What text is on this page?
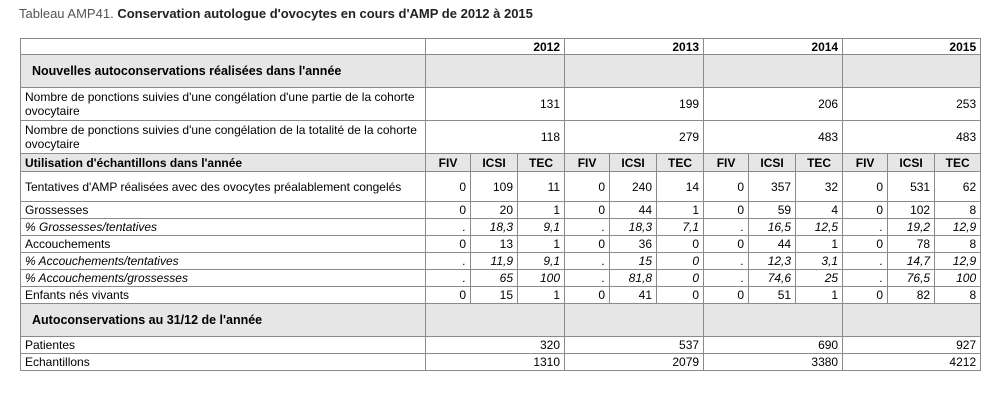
Tableau AMP41. Conservation autologue d'ovocytes en cours d'AMP de 2012 à 2015
	2012			2013			2014			2015		
Nouvelles autoconservations réalisées dans l'année												
Nombre de ponctions suivies d'une congélation d'une partie de la cohorte ovocytaire	131			199			206			253		
Nombre de ponctions suivies d'une congélation de la totalité de la cohorte ovocytaire	118			279			483			483		
Utilisation d'échantillons dans l'année	FIV	ICSI	TEC	FIV	ICSI	TEC	FIV	ICSI	TEC	FIV	ICSI	TEC
Tentatives d'AMP réalisées avec des ovocytes préalablement congelés	0	109	11	0	240	14	0	357	32	0	531	62
Grossesses	0	20	1	0	44	1	0	59	4	0	102	8
% Grossesses/tentatives	.	18,3	9,1	.	18,3	7,1	.	16,5	12,5	.	19,2	12,9
Accouchements	0	13	1	0	36	0	0	44	1	0	78	8
% Accouchements/tentatives	.	11,9	9,1	.	15	0	.	12,3	3,1	.	14,7	12,9
% Accouchements/grossesses	.	65	100	.	81,8	0	.	74,6	25	.	76,5	100
Enfants nés vivants	0	15	1	0	41	0	0	51	1	0	82	8
Autoconservations au 31/12 de l'année												
Patientes	320			537			690			927		
Echantillons	1310			2079			3380			4212		
